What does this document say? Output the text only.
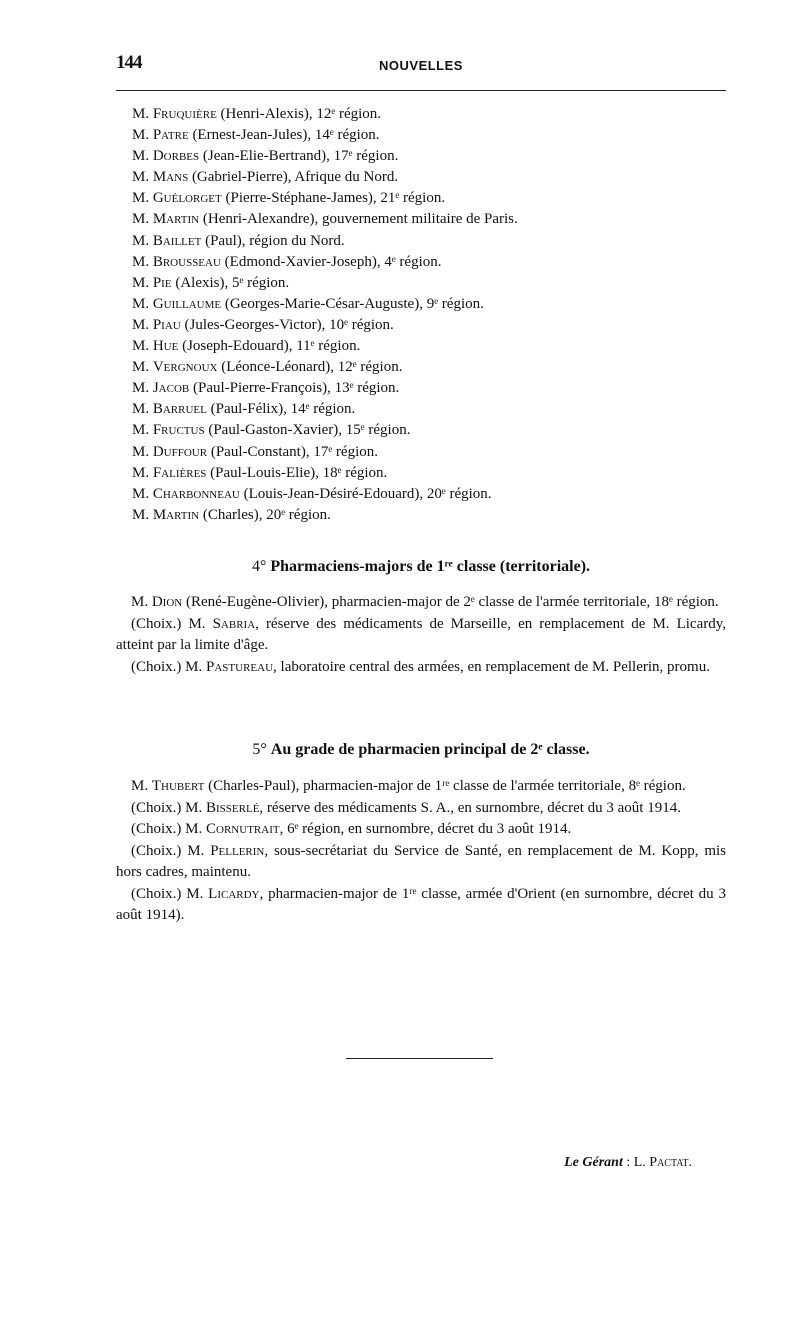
144	NOUVELLES
M. Fruquière (Henri-Alexis), 12ᵉ région.
M. Patre (Ernest-Jean-Jules), 14ᵉ région.
M. Dorbes (Jean-Elie-Bertrand), 17ᵉ région.
M. Mans (Gabriel-Pierre), Afrique du Nord.
M. Guélorget (Pierre-Stéphane-James), 21ᵉ région.
M. Martin (Henri-Alexandre), gouvernement militaire de Paris.
M. Baillet (Paul), région du Nord.
M. Brousseau (Edmond-Xavier-Joseph), 4ᵉ région.
M. Pie (Alexis), 5ᵉ région.
M. Guillaume (Georges-Marie-César-Auguste), 9ᵉ région.
M. Piau (Jules-Georges-Victor), 10ᵉ région.
M. Hue (Joseph-Edouard), 11ᵉ région.
M. Vergnoux (Léonce-Léonard), 12ᵉ région.
M. Jacob (Paul-Pierre-François), 13ᵉ région.
M. Barruel (Paul-Félix), 14ᵉ région.
M. Fructus (Paul-Gaston-Xavier), 15ᵉ région.
M. Duffour (Paul-Constant), 17ᵉ région.
M. Falières (Paul-Louis-Elie), 18ᵉ région.
M. Charbonneau (Louis-Jean-Désiré-Edouard), 20ᵉ région.
M. Martin (Charles), 20ᵉ région.
4° Pharmaciens-majors de 1ʳᵉ classe (territoriale).

M. Dion (René-Eugène-Olivier), pharmacien-major de 2ᵉ classe de l'armée territoriale, 18ᵉ région.

(Choix.) M. Sabria, réserve des médicaments de Marseille, en remplacement de M. Licardy, atteint par la limite d'âge.

(Choix.) M. Pasturеau, laboratoire central des armées, en remplacement de M. Pellerin, promu.

5° Au grade de pharmacien principal de 2ᵉ classe.

M. Thubert (Charles-Paul), pharmacien-major de 1ʳᵉ classe de l'armée territoriale, 8ᵉ région.

(Choix.) M. Bisserlé, réserve des médicaments S. A., en surnombre, décret du 3 août 1914.

(Choix.) M. Cornutrait, 6ᵉ région, en surnombre, décret du 3 août 1914.

(Choix.) M. Pellerin, sous-secrétariat du Service de Santé, en remplacement de M. Kopp, mis hors cadres, maintenu.

(Choix.) M. Licardy, pharmacien-major de 1ʳᵉ classe, armée d'Orient (en surnombre, décret du 3 août 1914).

Le Gérant : L. Pactat.
